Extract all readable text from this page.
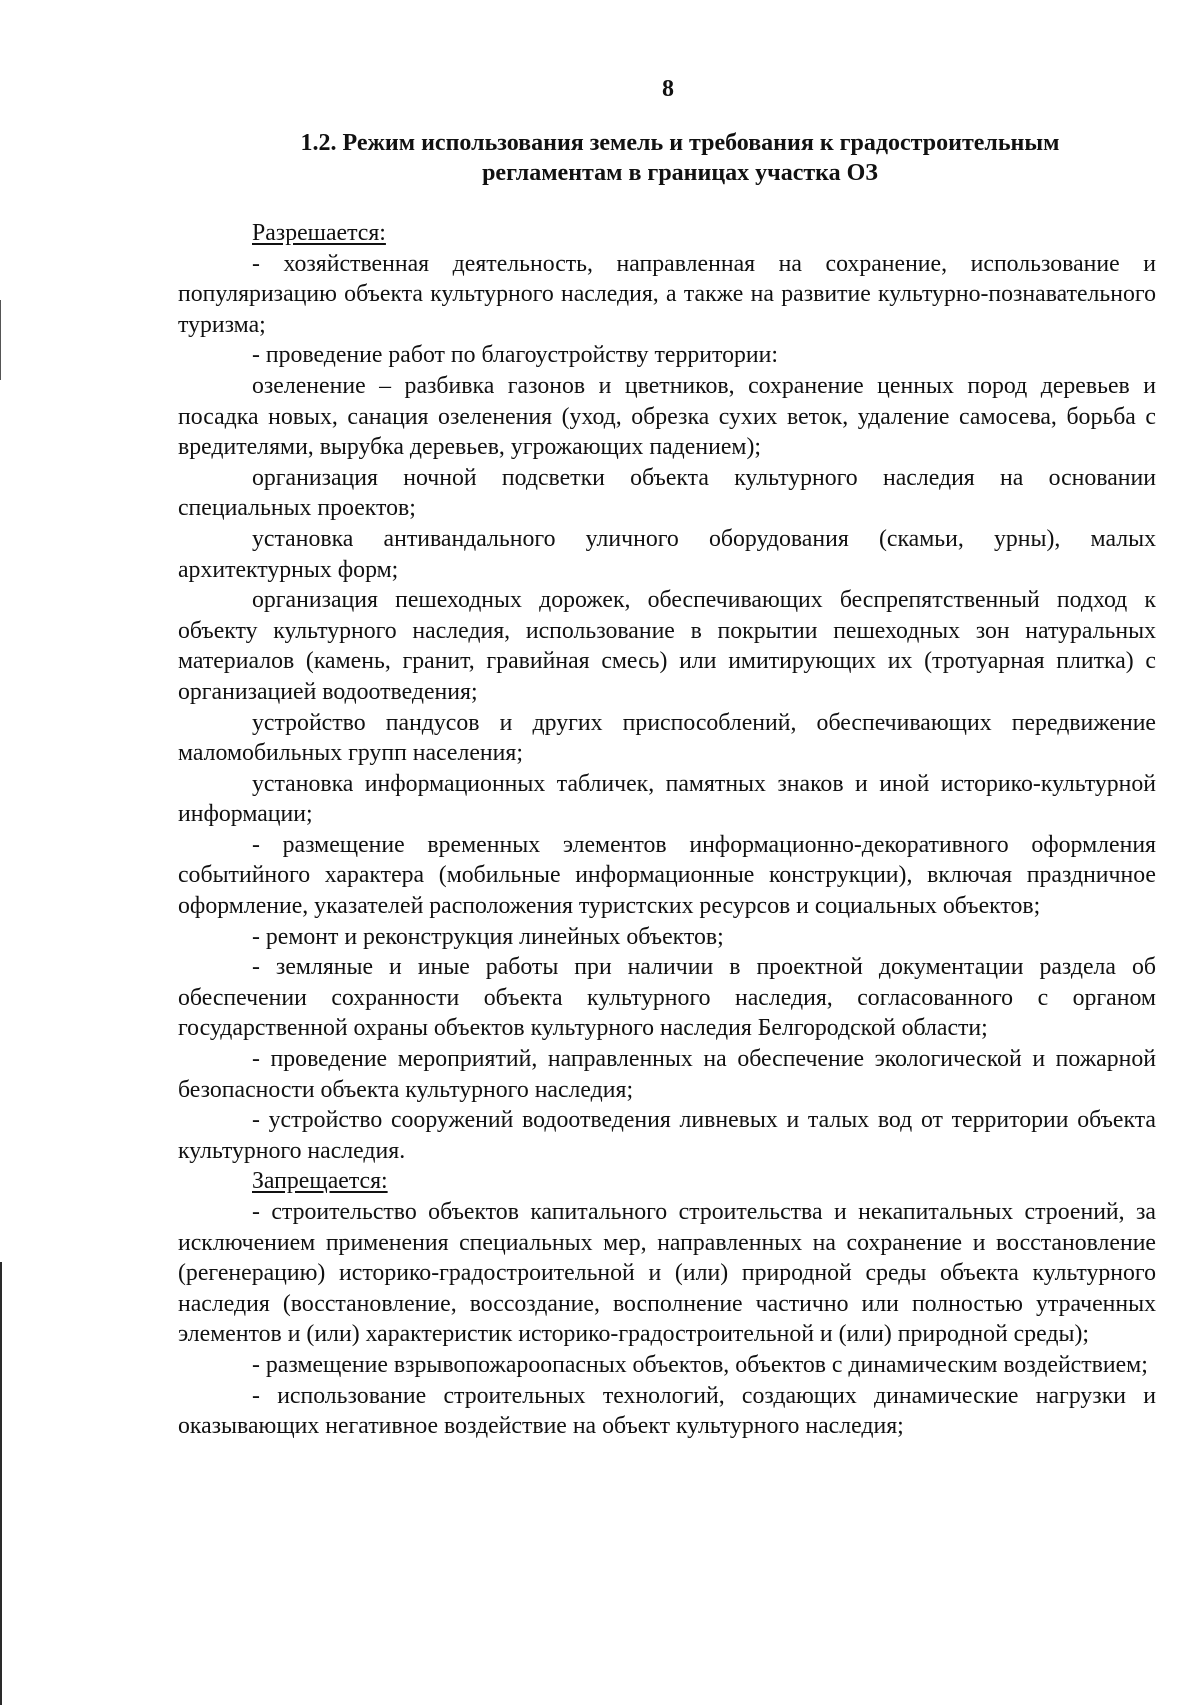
8
1.2. Режим использования земель и требования к градостроительным
регламентам в границах участка ОЗ

Разрешается:

- хозяйственная деятельность, направленная на сохранение, использование и популяризацию объекта культурного наследия, а также на развитие культурно-познавательного туризма;

- проведение работ по благоустройству территории:

озеленение – разбивка газонов и цветников, сохранение ценных пород деревьев и посадка новых, санация озеленения (уход, обрезка сухих веток, удаление самосева, борьба с вредителями, вырубка деревьев, угрожающих падением);

организация ночной подсветки объекта культурного наследия на основании специальных проектов;

установка антивандального уличного оборудования (скамьи, урны), малых архитектурных форм;

организация пешеходных дорожек, обеспечивающих беспрепятственный подход к объекту культурного наследия, использование в покрытии пешеходных зон натуральных материалов (камень, гранит, гравийная смесь) или имитирующих их (тротуарная плитка) с организацией водоотведения;

устройство пандусов и других приспособлений, обеспечивающих передвижение маломобильных групп населения;

установка информационных табличек, памятных знаков и иной историко-культурной информации;

- размещение временных элементов информационно-декоративного оформления событийного характера (мобильные информационные конструкции), включая праздничное оформление, указателей расположения туристских ресурсов и социальных объектов;

- ремонт и реконструкция линейных объектов;

- земляные и иные работы при наличии в проектной документации раздела об обеспечении сохранности объекта культурного наследия, согласованного с органом государственной охраны объектов культурного наследия Белгородской области;

- проведение мероприятий, направленных на обеспечение экологической и пожарной безопасности объекта культурного наследия;

- устройство сооружений водоотведения ливневых и талых вод от территории объекта культурного наследия.

Запрещается:

- строительство объектов капитального строительства и некапитальных строений, за исключением применения специальных мер, направленных на сохранение и восстановление (регенерацию) историко-градостроительной и (или) природной среды объекта культурного наследия (восстановление, воссоздание, восполнение частично или полностью утраченных элементов и (или) характеристик историко-градостроительной и (или) природной среды);

- размещение взрывопожароопасных объектов, объектов с динамическим воздействием;

- использование строительных технологий, создающих динамические нагрузки и оказывающих негативное воздействие на объект культурного наследия;
